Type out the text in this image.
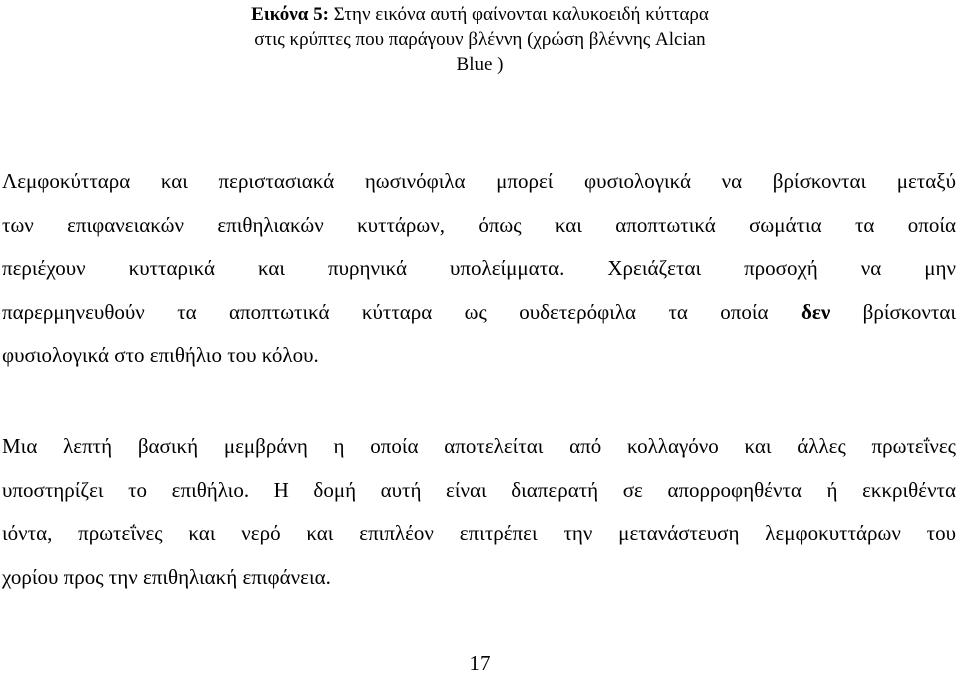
Εικόνα 5: Στην εικόνα αυτή φαίνονται καλυκοειδή κύτταρα
στις κρύπτες που παράγουν βλέννη (χρώση βλέννης Alcian
Blue )
Λεμφοκύτταρα και περιστασιακά ηωσινόφιλα μπορεί φυσιολογικά να βρίσκονται μεταξύ
των επιφανειακών επιθηλιακών κυττάρων, όπως και αποπτωτικά σωμάτια τα οποία
περιέχουν κυτταρικά και πυρηνικά υπολείμματα. Χρειάζεται προσοχή να μην
παρερμηνευθούν τα αποπτωτικά κύτταρα ως ουδετερόφιλα τα οποία δεν βρίσκονται
φυσιολογικά στο επιθήλιο του κόλου.
Μια λεπτή βασική μεμβράνη η οποία αποτελείται από κολλαγόνο και άλλες πρωτεΐνες
υποστηρίζει το επιθήλιο. Η δομή αυτή είναι διαπερατή σε απορροφηθέντα ή εκκριθέντα
ιόντα, πρωτεΐνες και νερό και επιπλέον επιτρέπει την μετανάστευση λεμφοκυττάρων του
χορίου προς την επιθηλιακή επιφάνεια.
17
